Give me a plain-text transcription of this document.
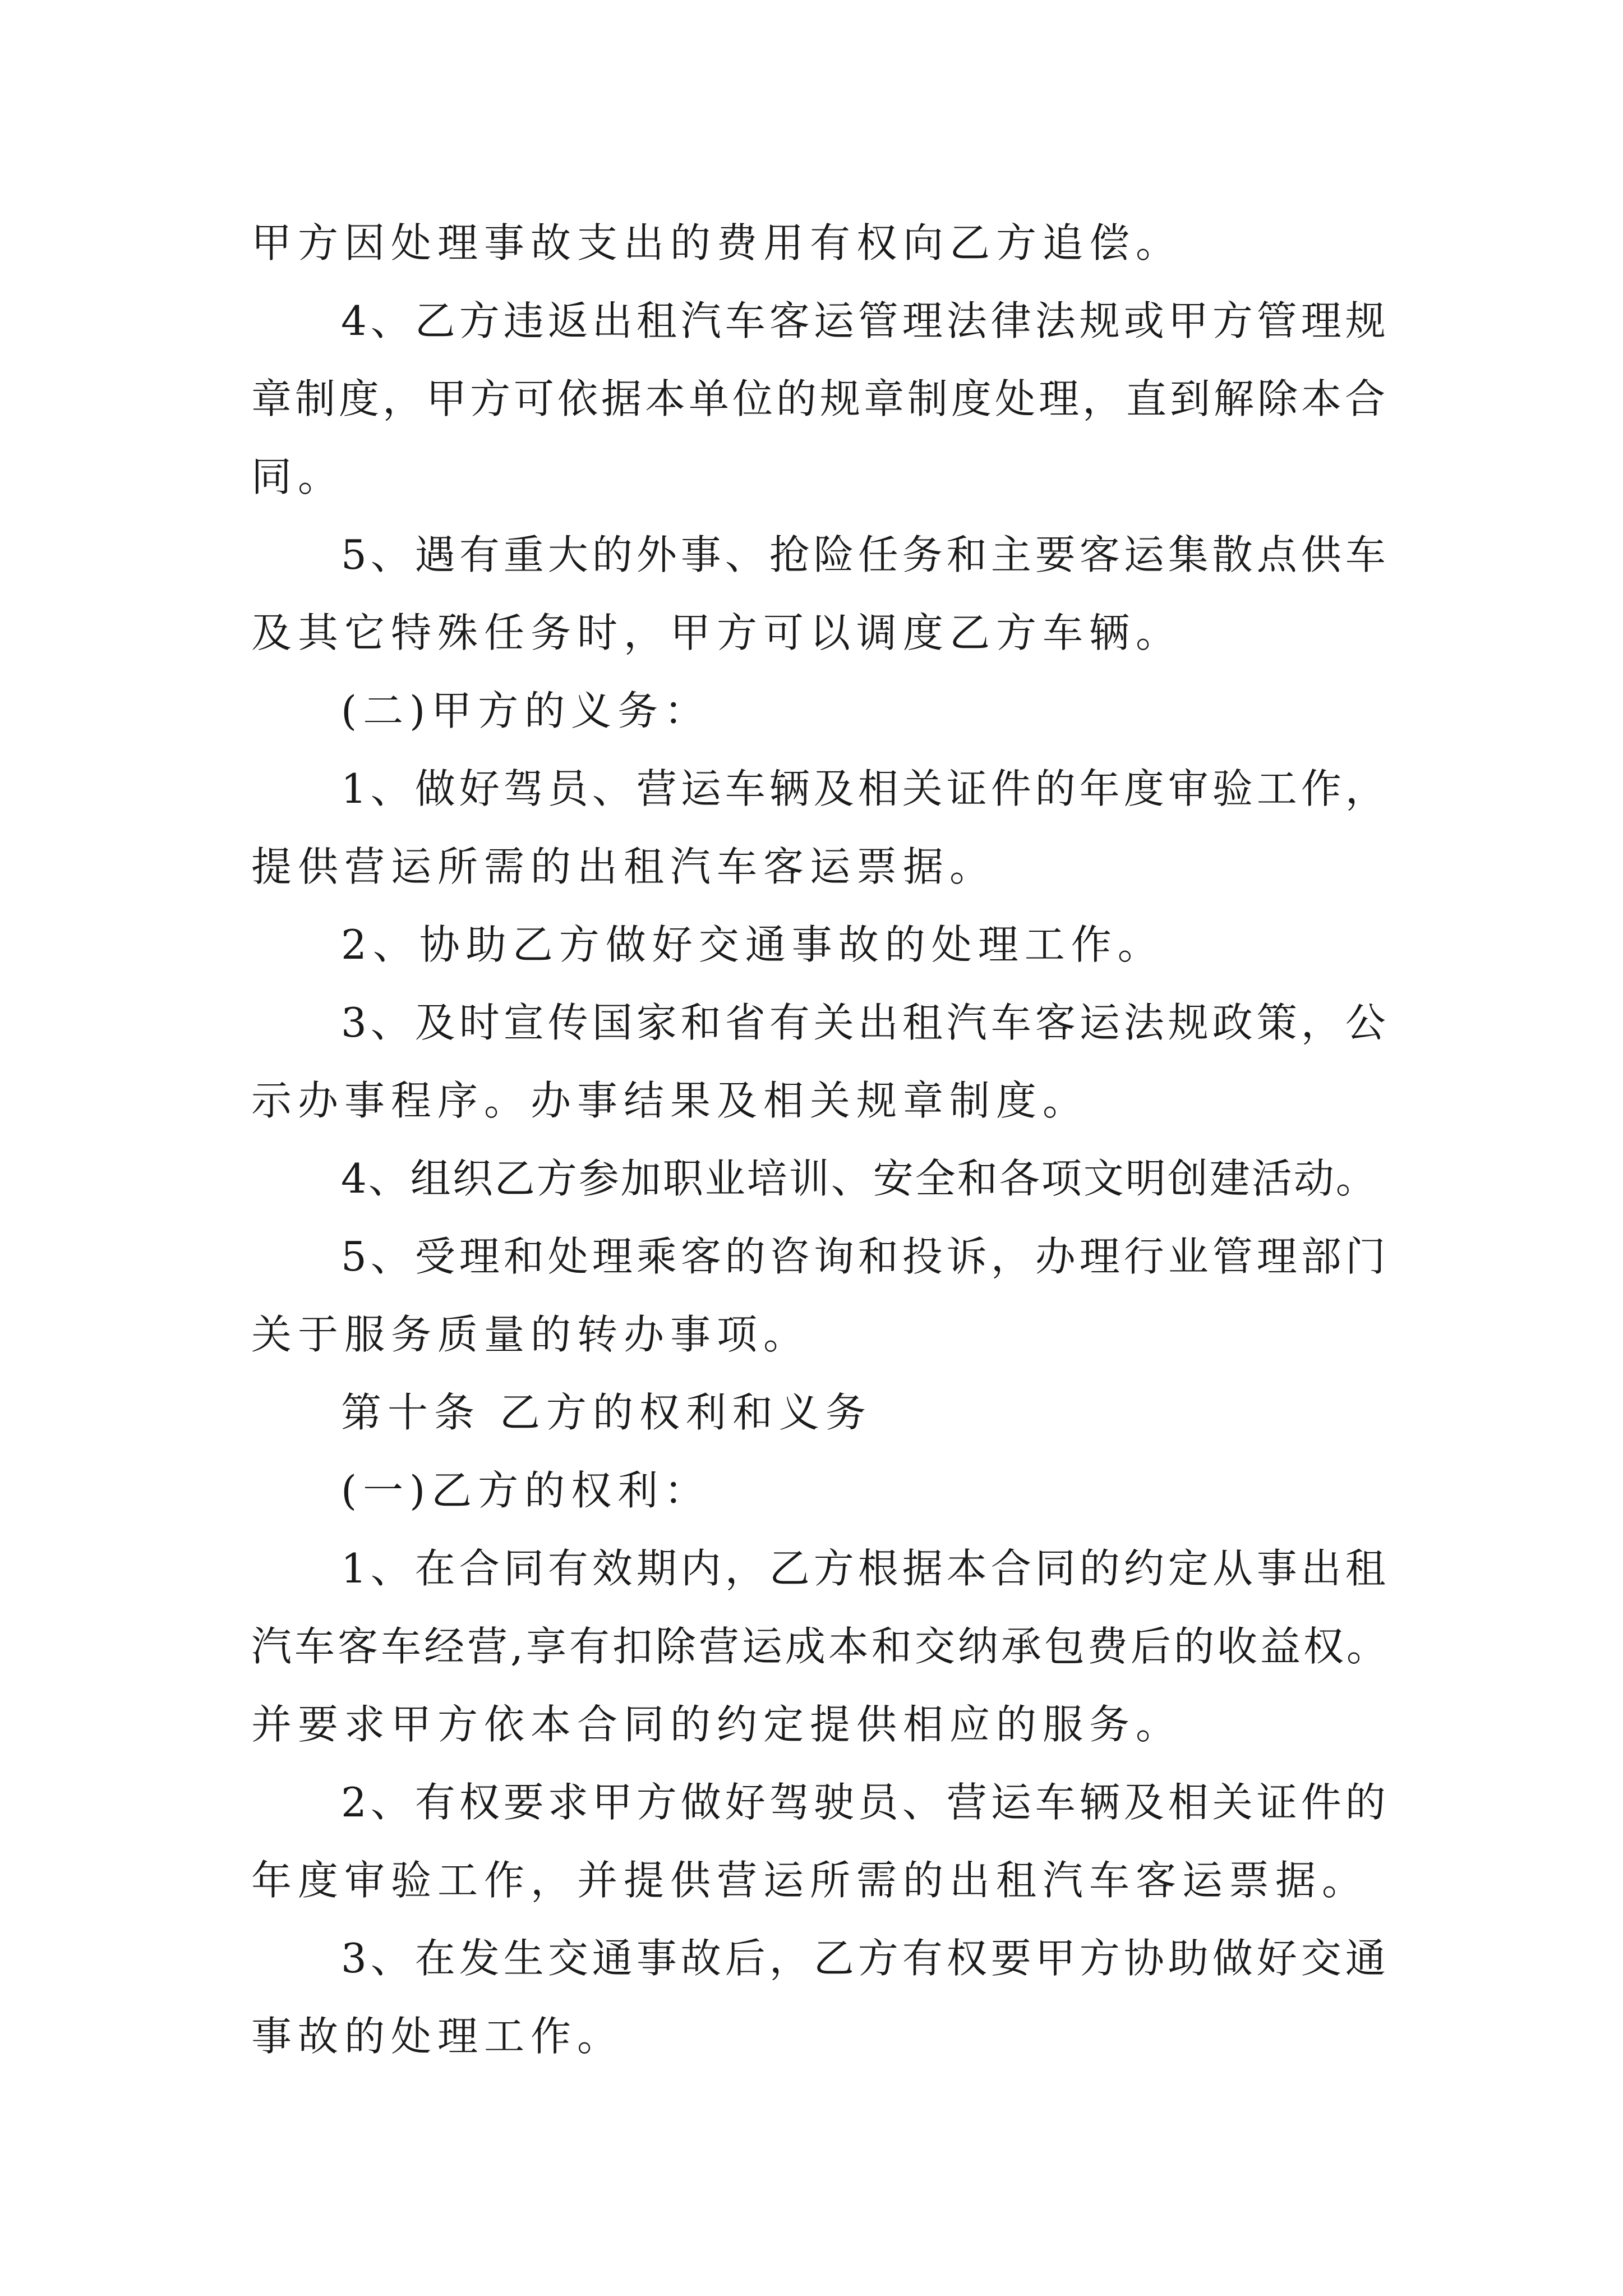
甲方因处理事故支出的费用有权向乙方追偿。
4、乙方违返出租汽车客运管理法律法规或甲方管理规
章制度，甲方可依据本单位的规章制度处理，直到解除本合
同。
5、遇有重大的外事、抢险任务和主要客运集散点供车
及其它特殊任务时，甲方可以调度乙方车辆。
(二)甲方的义务：
1、做好驾员、营运车辆及相关证件的年度审验工作，
提供营运所需的出租汽车客运票据。
2、协助乙方做好交通事故的处理工作。
3、及时宣传国家和省有关出租汽车客运法规政策，公
示办事程序。办事结果及相关规章制度。
4、组织乙方参加职业培训、安全和各项文明创建活动。
5、受理和处理乘客的咨询和投诉，办理行业管理部门
关于服务质量的转办事项。
第十条 乙方的权利和义务
(一)乙方的权利：
1、在合同有效期内，乙方根据本合同的约定从事出租
汽车客车经营,享有扣除营运成本和交纳承包费后的收益权。
并要求甲方依本合同的约定提供相应的服务。
2、有权要求甲方做好驾驶员、营运车辆及相关证件的
年度审验工作，并提供营运所需的出租汽车客运票据。
3、在发生交通事故后，乙方有权要甲方协助做好交通
事故的处理工作。
